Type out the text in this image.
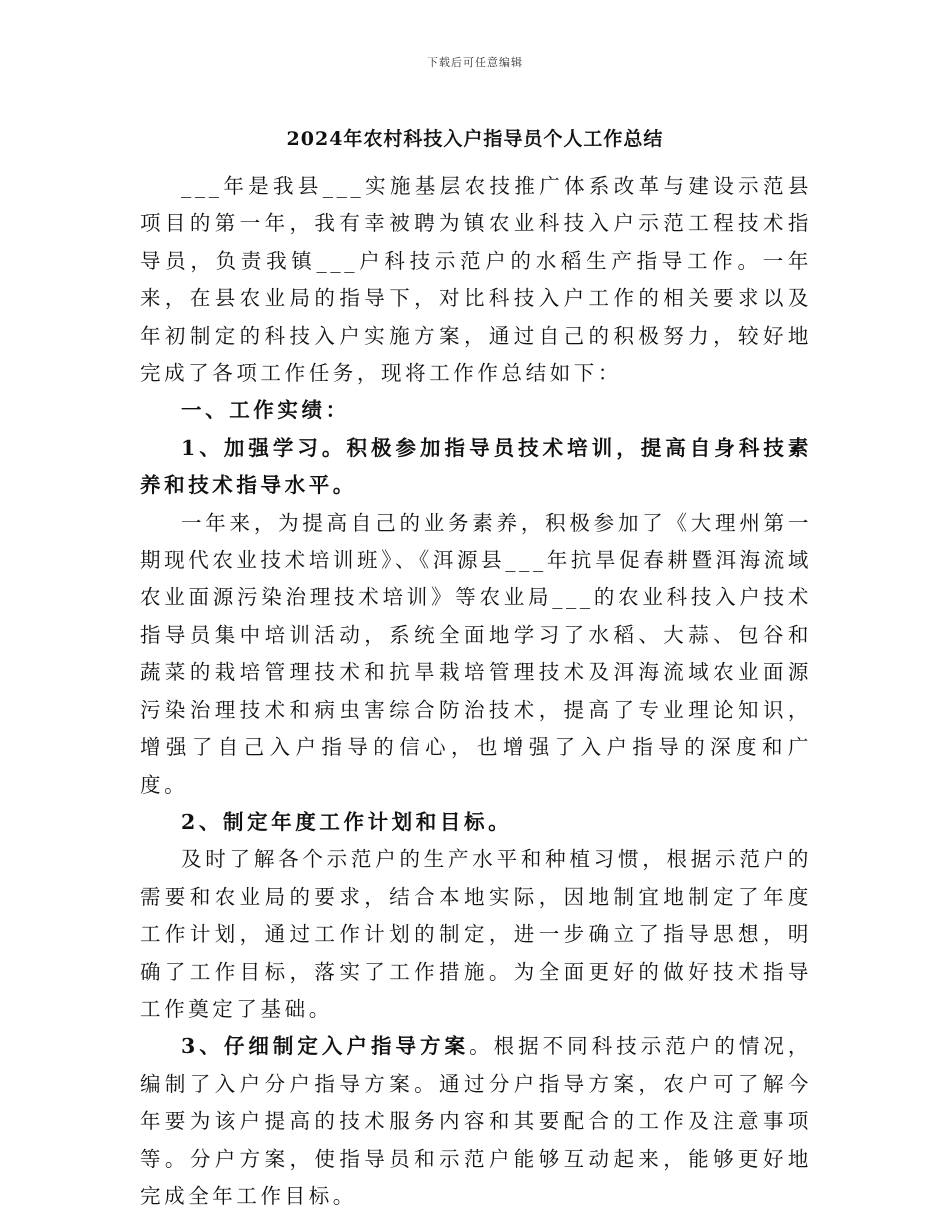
下载后可任意编辑
2024年农村科技入户指导员个人工作总结

___年是我县___实施基层农技推广体系改革与建设示范县项目的第一年，我有幸被聘为镇农业科技入户示范工程技术指导员，负责我镇___户科技示范户的水稻生产指导工作。一年来，在县农业局的指导下，对比科技入户工作的相关要求以及年初制定的科技入户实施方案，通过自己的积极努力，较好地完成了各项工作任务，现将工作作总结如下：

一、工作实绩：

1、加强学习。积极参加指导员技术培训，提高自身科技素养和技术指导水平。

一年来，为提高自己的业务素养，积极参加了《大理州第一期现代农业技术培训班》、《洱源县___年抗旱促春耕暨洱海流域农业面源污染治理技术培训》等农业局___的农业科技入户技术指导员集中培训活动，系统全面地学习了水稻、大蒜、包谷和蔬菜的栽培管理技术和抗旱栽培管理技术及洱海流域农业面源污染治理技术和病虫害综合防治技术，提高了专业理论知识，增强了自己入户指导的信心，也增强了入户指导的深度和广度。

2、制定年度工作计划和目标。

及时了解各个示范户的生产水平和种植习惯，根据示范户的需要和农业局的要求，结合本地实际，因地制宜地制定了年度工作计划，通过工作计划的制定，进一步确立了指导思想，明确了工作目标，落实了工作措施。为全面更好的做好技术指导工作奠定了基础。

3、仔细制定入户指导方案。根据不同科技示范户的情况，编制了入户分户指导方案。通过分户指导方案，农户可了解今年要为该户提高的技术服务内容和其要配合的工作及注意事项等。分户方案，使指导员和示范户能够互动起来，能够更好地完成全年工作目标。
